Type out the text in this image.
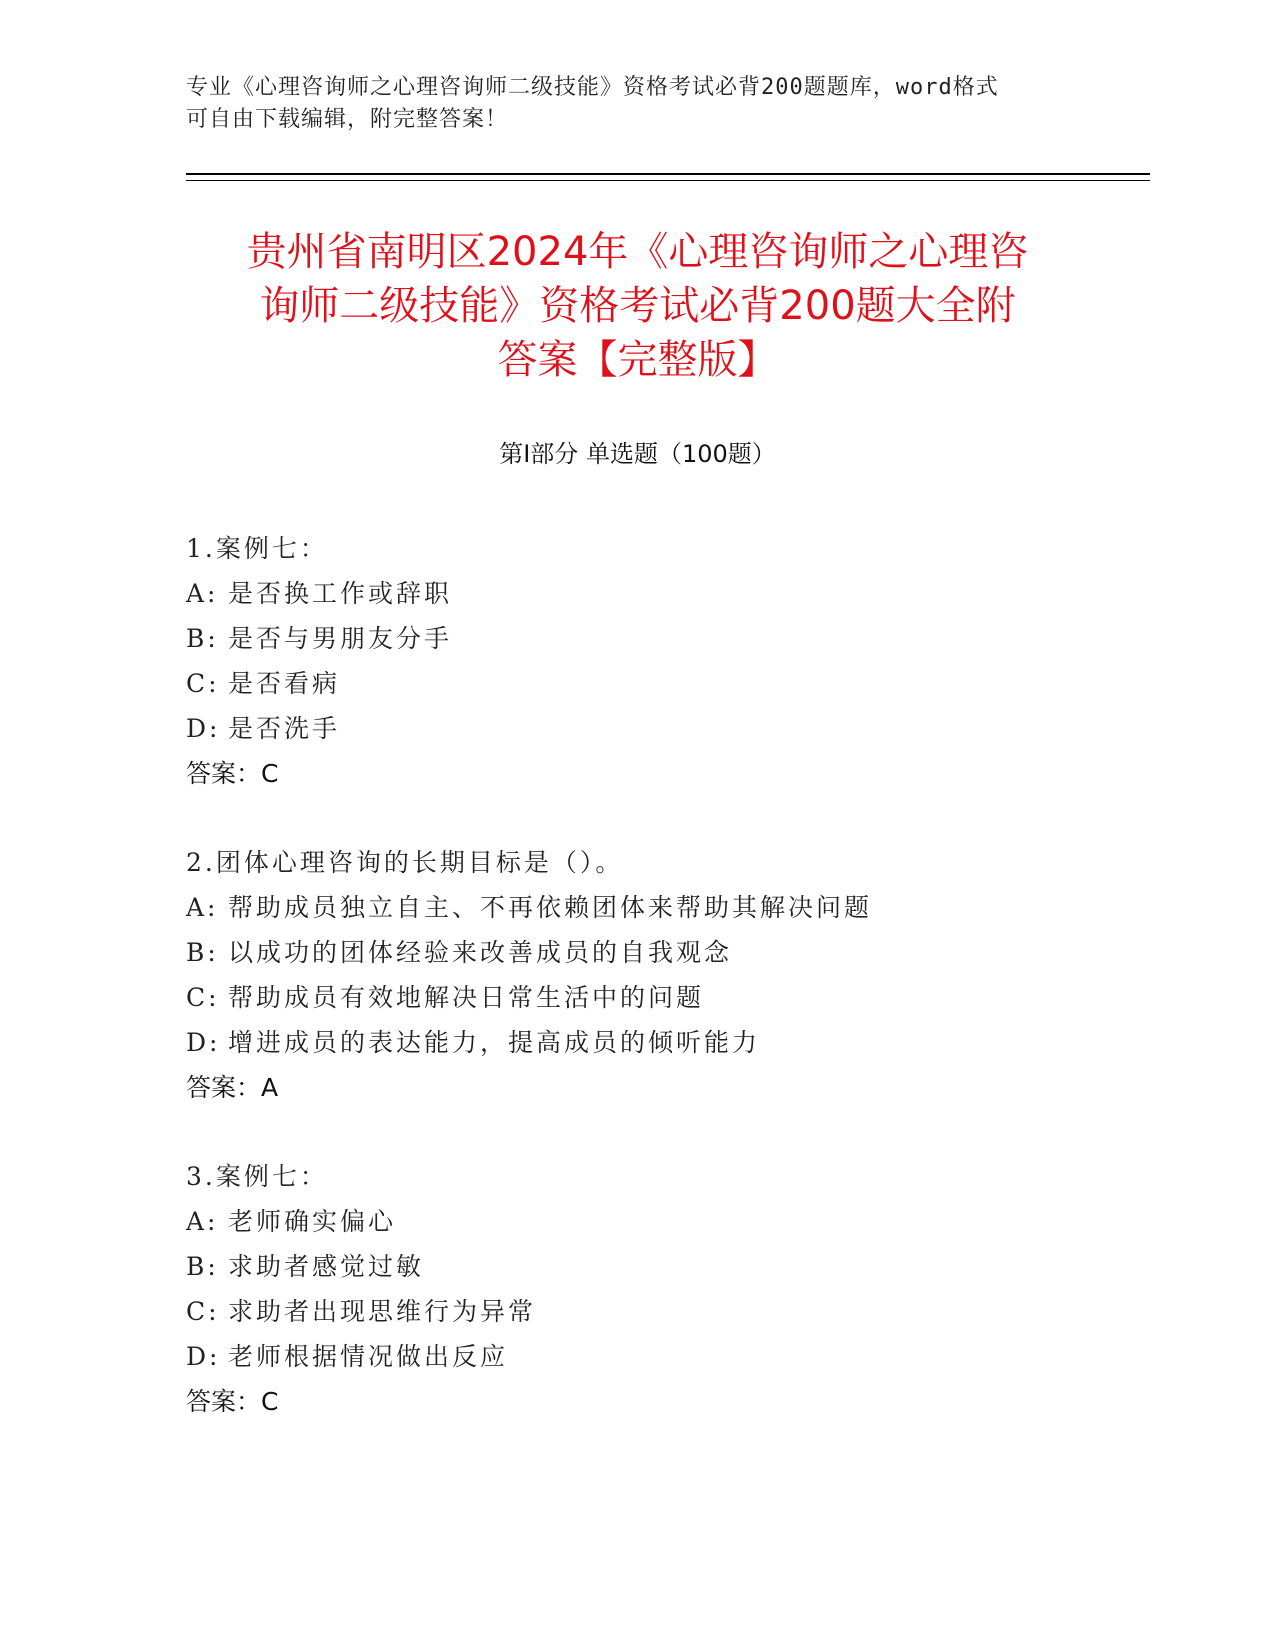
专业《心理咨询师之心理咨询师二级技能》资格考试必背200题题库，word格式
可自由下载编辑，附完整答案！
贵州省南明区2024年《心理咨询师之心理咨
询师二级技能》资格考试必背200题大全附
答案【完整版】
第Ⅰ部分 单选题（100题）
1.案例七：
A: 是否换工作或辞职
B: 是否与男朋友分手
C: 是否看病
D: 是否洗手
答案：C
2.团体心理咨询的长期目标是（）。
A: 帮助成员独立自主、不再依赖团体来帮助其解决问题
B: 以成功的团体经验来改善成员的自我观念
C: 帮助成员有效地解决日常生活中的问题
D: 增进成员的表达能力，提高成员的倾听能力
答案：A
3.案例七：
A: 老师确实偏心
B: 求助者感觉过敏
C: 求助者出现思维行为异常
D: 老师根据情况做出反应
答案：C
